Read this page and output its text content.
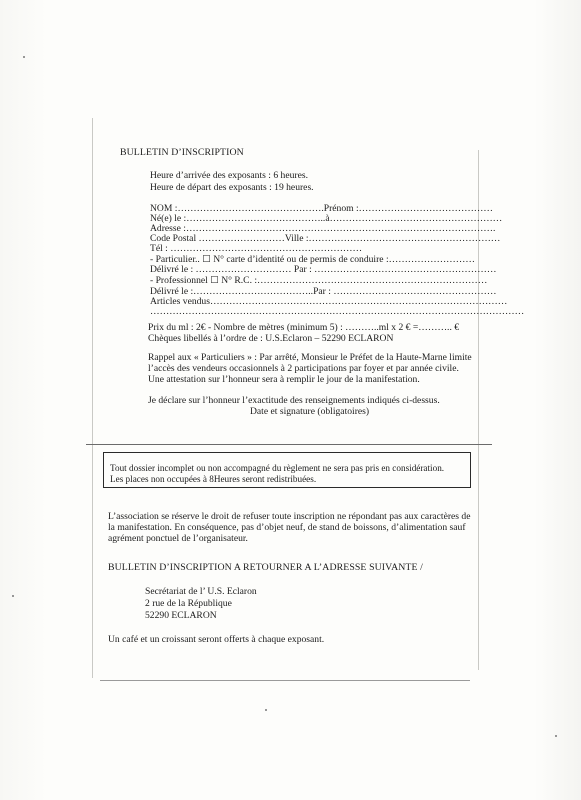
BULLETIN D’INSCRIPTION
Heure d’arrivée des exposants : 6 heures.
Heure de départ des exposants : 19 heures.
NOM :……………………………………….Prénom :……………………………………
Né(e) le :……………………………………..à………………………………………………
Adresse :…………………………………………………………………………………….
Code Postal ………………………Ville :……………………………………………………
Tél : ……………………………………………………
- Particulier.. ☐ N° carte d’identité ou de permis de conduire :………………………
Délivré le : ………………………… Par : …………………………………………………
- Professionnel ☐ N° R.C. :………………………………………………………………
Délivré le :………………………………..Par : ……………………………………………
Articles vendus…………………………………………………………………………………
………………………………………………………………………………………………………
Prix du ml : 2€ - Nombre de mètres (minimum 5) : ………..ml x 2 € =……….. €
Chèques libellés à l’ordre de : U.S.Eclaron – 52290 ECLARON
Rappel aux « Particuliers » : Par arrêté, Monsieur le Préfet de la Haute-Marne limite
l’accès des vendeurs occasionnels à 2 participations par foyer et par année civile.
Une attestation sur l’honneur sera à remplir le jour de la manifestation.
Je déclare sur l’honneur l’exactitude des renseignements indiqués ci-dessus.
Date et signature (obligatoires)
Tout dossier incomplet ou non accompagné du règlement ne sera pas pris en considération.
Les places non occupées à 8Heures seront redistribuées.
L’association se réserve le droit de refuser toute inscription ne répondant pas aux caractères de
la manifestation. En conséquence, pas d’objet neuf, de stand de boissons, d’alimentation sauf
agrément ponctuel de l’organisateur.
BULLETIN D’INSCRIPTION A RETOURNER A L’ADRESSE SUIVANTE /
Secrétariat de l’ U.S. Eclaron
2 rue de la République
52290 ECLARON
Un café et un croissant seront offerts à chaque exposant.
